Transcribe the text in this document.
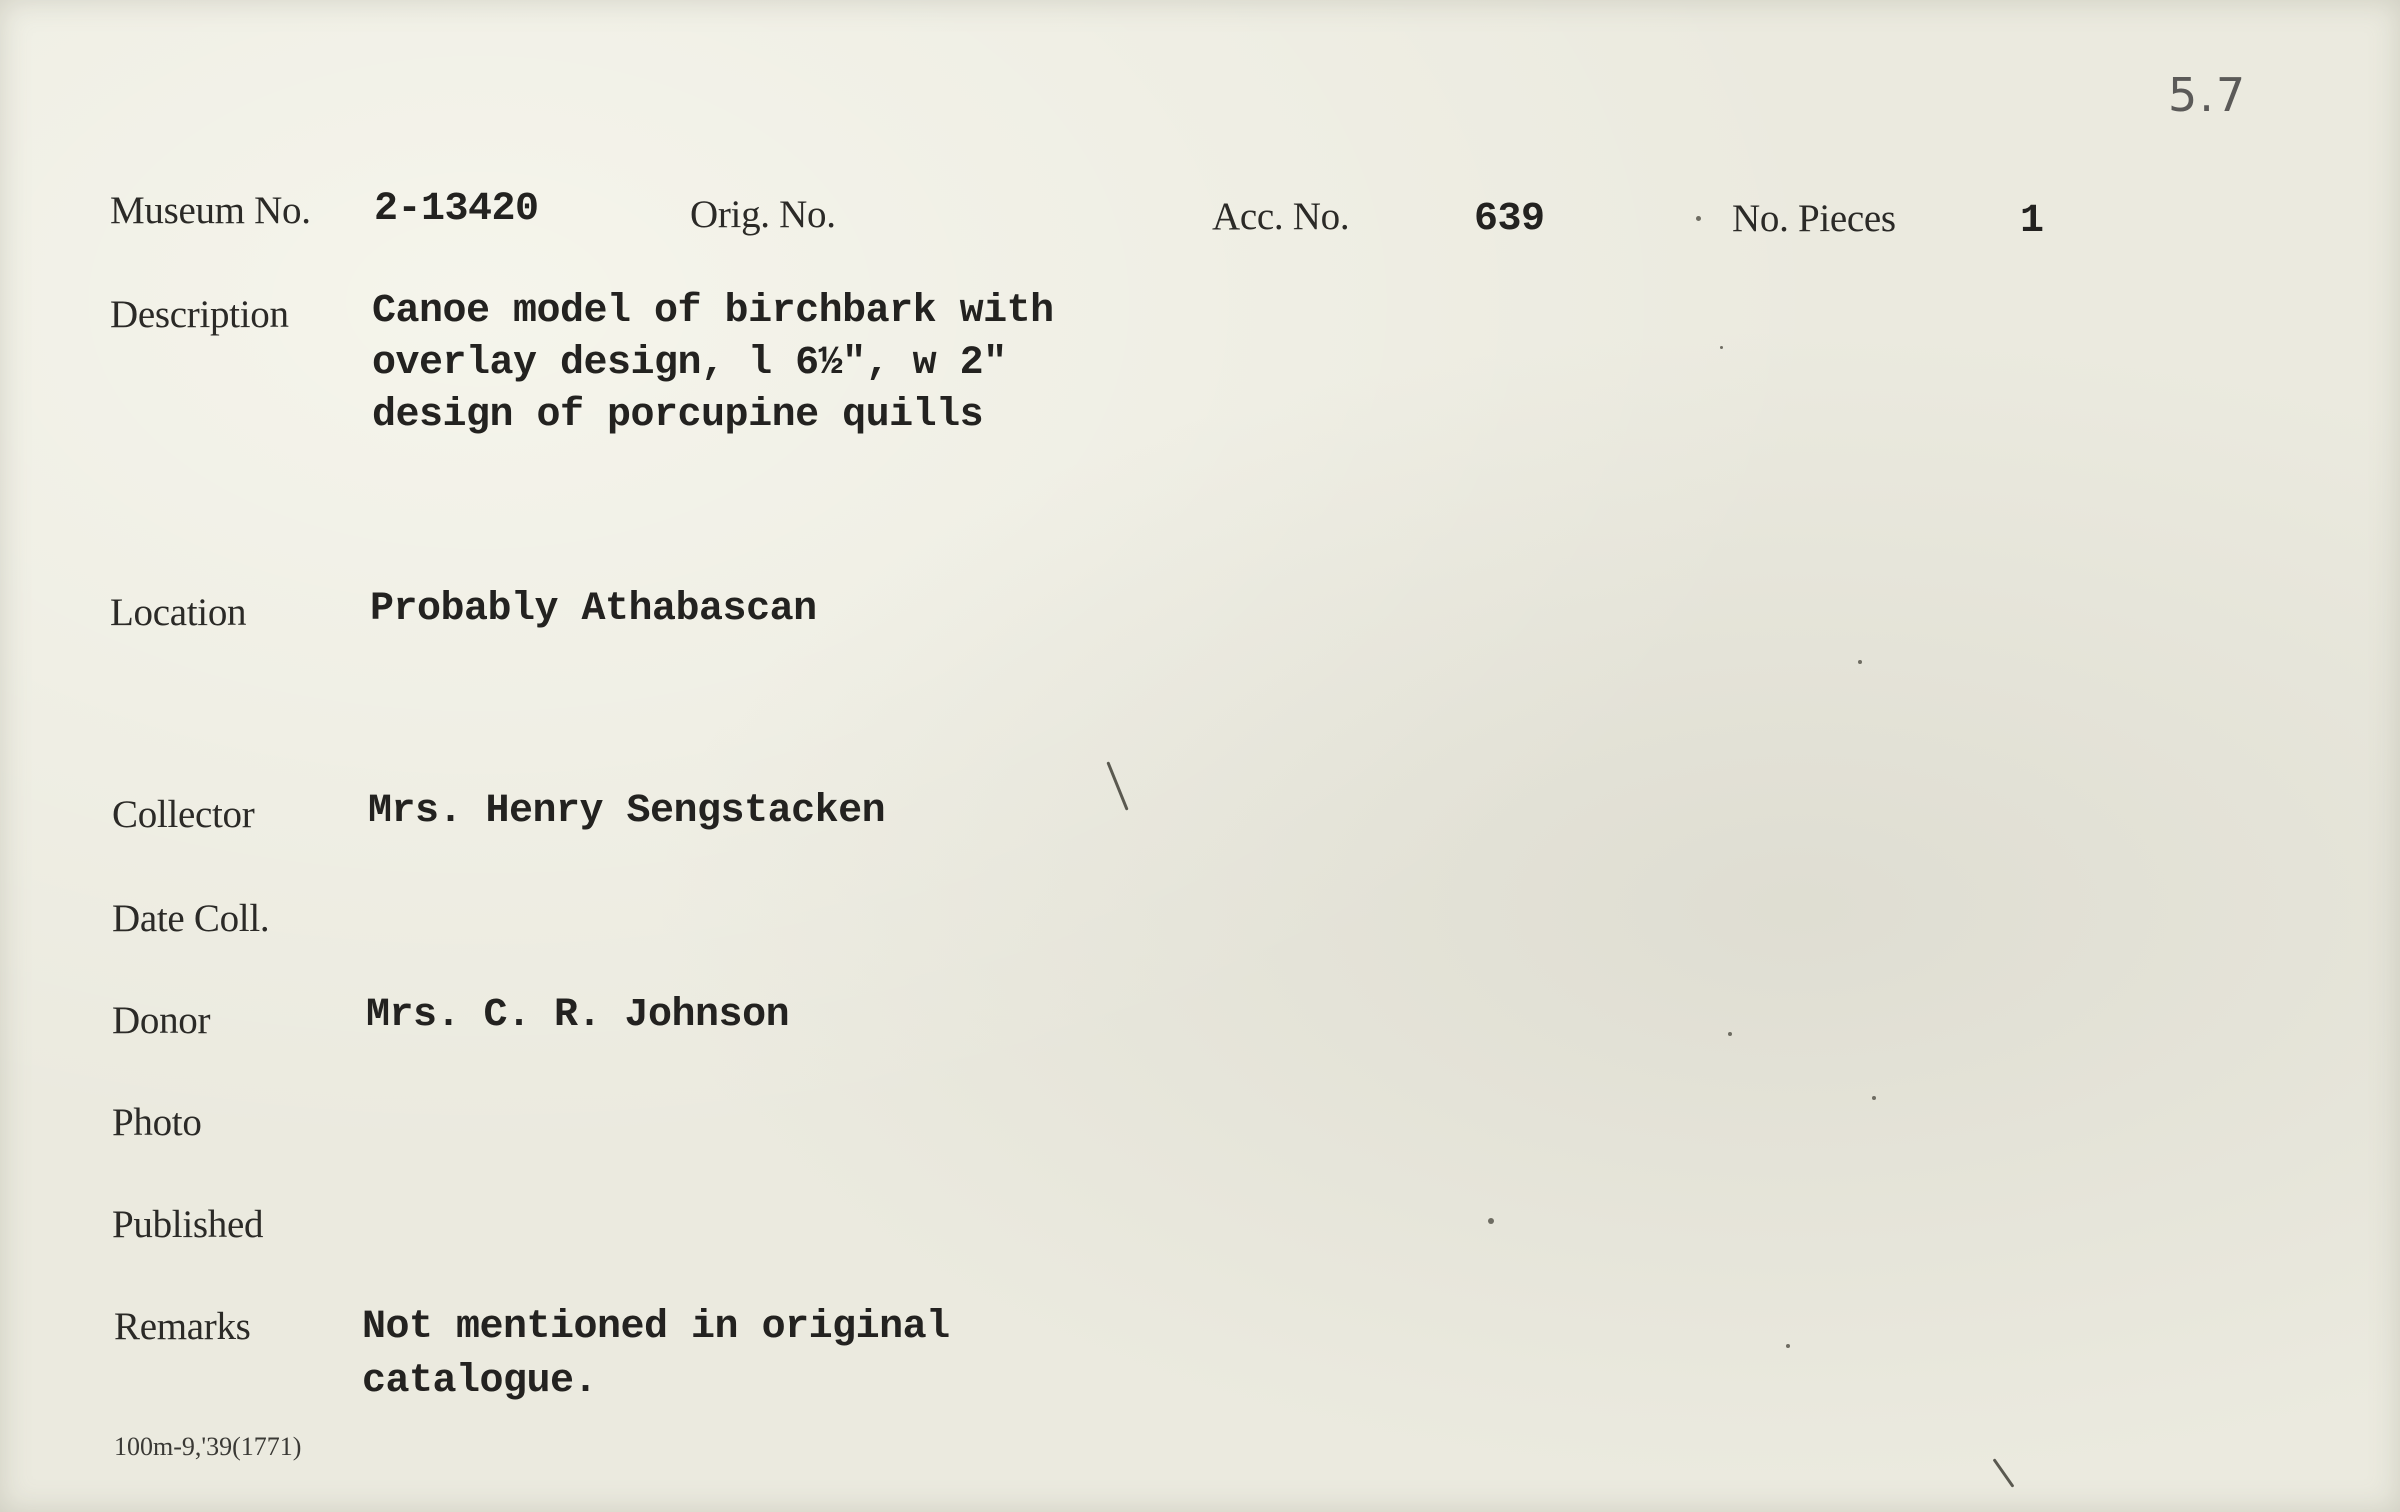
5.7
Museum No. 2-13420	Orig. No.	Acc. No.	639	No. Pieces	1
Description Canoe model of birchbark with
overlay design, l 6½", w 2"
design of porcupine quills
Location	Probably Athabascan
Collector	Mrs. Henry Sengstacken
Date Coll.
Donor	Mrs. C. R. Johnson
Photo
Published
Remarks	Not mentioned in original
catalogue.
100m-9,'39(1771)
